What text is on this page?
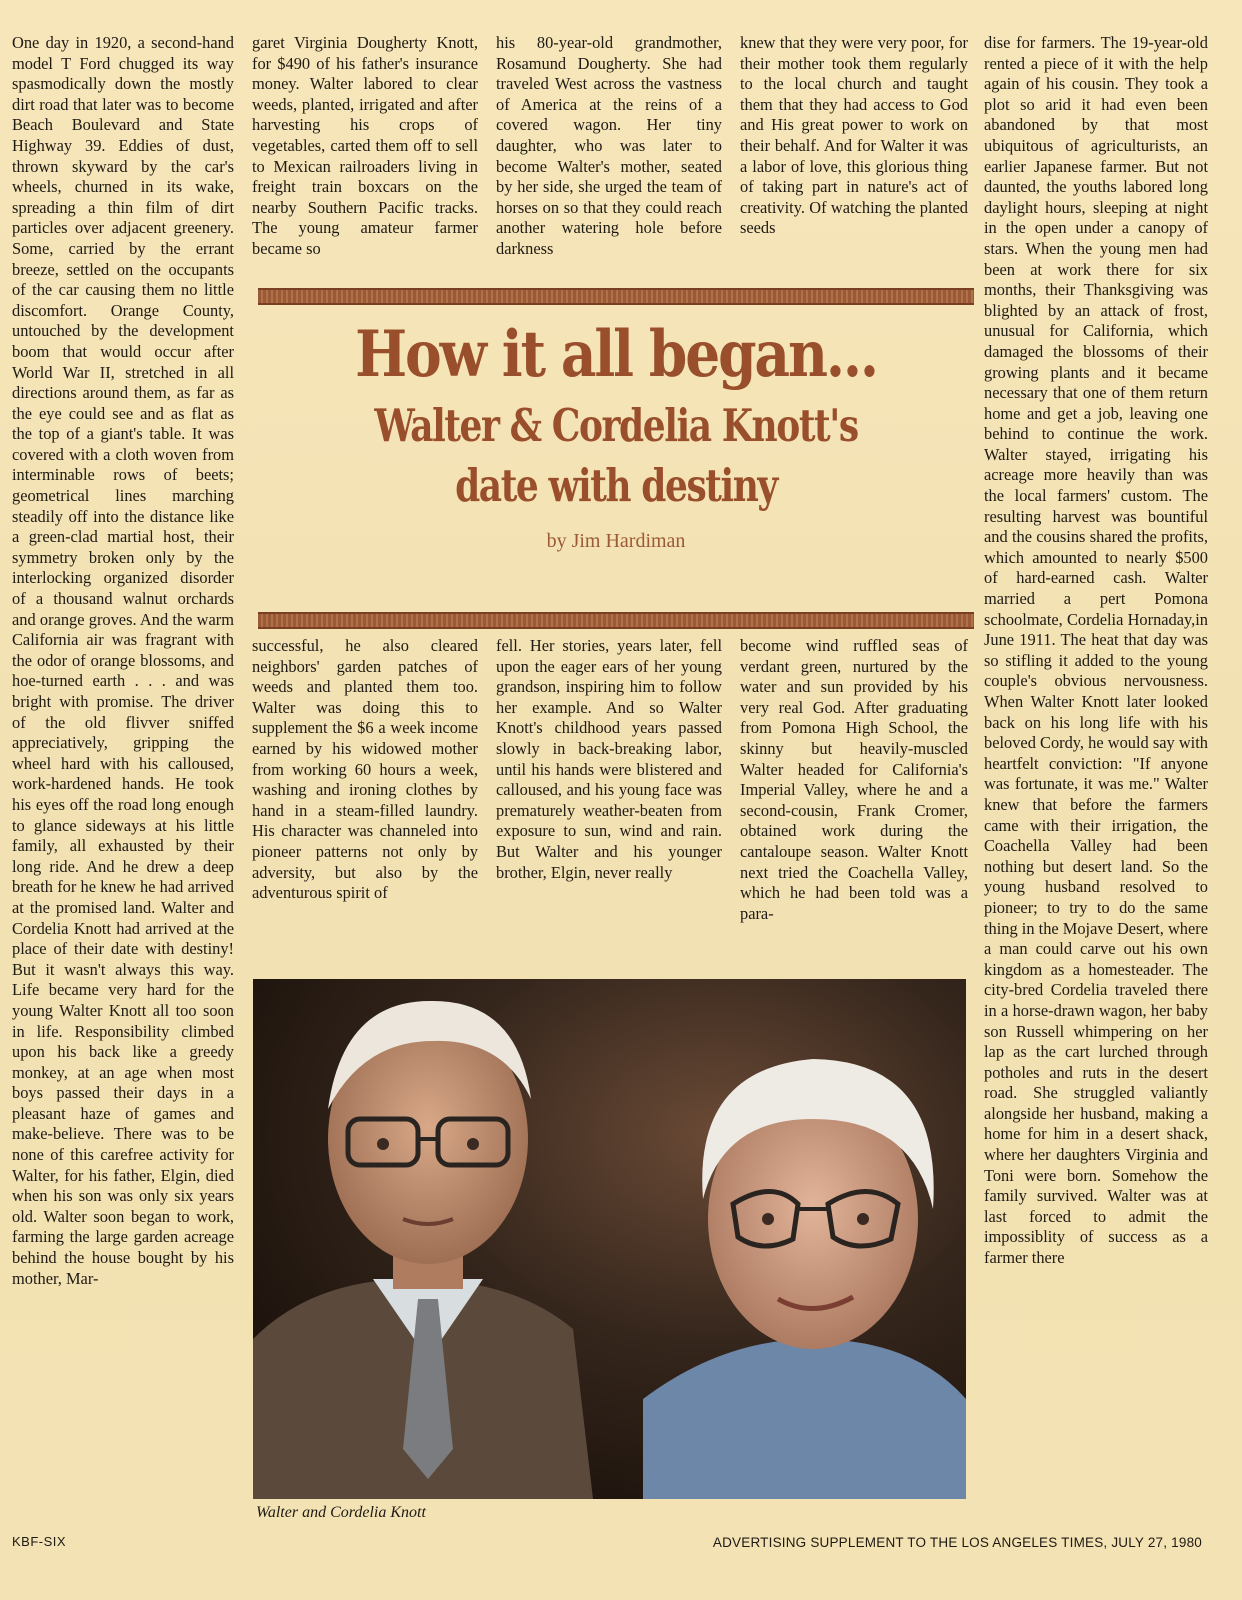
One day in 1920, a second-hand model T Ford chugged its way spasmodically down the mostly dirt road that later was to become Beach Boulevard and State Highway 39. Eddies of dust, thrown skyward by the car's wheels, churned in its wake, spreading a thin film of dirt particles over adjacent greenery. Some, carried by the errant breeze, settled on the occupants of the car causing them no little discomfort. Orange County, untouched by the development boom that would occur after World War II, stretched in all directions around them, as far as the eye could see and as flat as the top of a giant's table. It was covered with a cloth woven from interminable rows of beets; geometrical lines marching steadily off into the distance like a green-clad martial host, their symmetry broken only by the interlocking organized disorder of a thousand walnut orchards and orange groves. And the warm California air was fragrant with the odor of orange blossoms, and hoe-turned earth . . . and was bright with promise. The driver of the old flivver sniffed appreciatively, gripping the wheel hard with his calloused, work-hardened hands. He took his eyes off the road long enough to glance sideways at his little family, all exhausted by their long ride. And he drew a deep breath for he knew he had arrived at the promised land. Walter and Cordelia Knott had arrived at the place of their date with destiny! But it wasn't always this way. Life became very hard for the young Walter Knott all too soon in life. Responsibility climbed upon his back like a greedy monkey, at an age when most boys passed their days in a pleasant haze of games and make-believe. There was to be none of this carefree activity for Walter, for his father, Elgin, died when his son was only six years old. Walter soon began to work, farming the large garden acreage behind the house bought by his mother, Mar-

garet Virginia Dougherty Knott, for $490 of his father's insurance money. Walter labored to clear weeds, planted, irrigated and after harvesting his crops of vegetables, carted them off to sell to Mexican railroaders living in freight train boxcars on the nearby Southern Pacific tracks. The young amateur farmer became so

his 80-year-old grandmother, Rosamund Dougherty. She had traveled West across the vastness of America at the reins of a covered wagon. Her tiny daughter, who was later to become Walter's mother, seated by her side, she urged the team of horses on so that they could reach another watering hole before darkness

knew that they were very poor, for their mother took them regularly to the local church and taught them that they had access to God and His great power to work on their behalf. And for Walter it was a labor of love, this glorious thing of taking part in nature's act of creativity. Of watching the planted seeds

dise for farmers. The 19-year-old rented a piece of it with the help again of his cousin. They took a plot so arid it had even been abandoned by that most ubiquitous of agriculturists, an earlier Japanese farmer. But not daunted, the youths labored long daylight hours, sleeping at night in the open under a canopy of stars. When the young men had been at work there for six months, their Thanksgiving was blighted by an attack of frost, unusual for California, which damaged the blossoms of their growing plants and it became necessary that one of them return home and get a job, leaving one behind to continue the work. Walter stayed, irrigating his acreage more heavily than was the local farmers' custom. The resulting harvest was bountiful and the cousins shared the profits, which amounted to nearly $500 of hard-earned cash. Walter married a pert Pomona schoolmate, Cordelia Hornaday,in June 1911. The heat that day was so stifling it added to the young couple's obvious nervousness. When Walter Knott later looked back on his long life with his beloved Cordy, he would say with heartfelt conviction: "If anyone was fortunate, it was me." Walter knew that before the farmers came with their irrigation, the Coachella Valley had been nothing but desert land. So the young husband resolved to pioneer; to try to do the same thing in the Mojave Desert, where a man could carve out his own kingdom as a homesteader. The city-bred Cordelia traveled there in a horse-drawn wagon, her baby son Russell whimpering on her lap as the cart lurched through potholes and ruts in the desert road. She struggled valiantly alongside her husband, making a home for him in a desert shack, where her daughters Virginia and Toni were born. Somehow the family survived. Walter was at last forced to admit the impossiblity of success as a farmer there

How it all began...
Walter & Cordelia Knott's
date with destiny
by Jim Hardiman

successful, he also cleared neighbors' garden patches of weeds and planted them too. Walter was doing this to supplement the $6 a week income earned by his widowed mother from working 60 hours a week, washing and ironing clothes by hand in a steam-filled laundry. His character was channeled into pioneer patterns not only by adversity, but also by the adventurous spirit of

fell. Her stories, years later, fell upon the eager ears of her young grandson, inspiring him to follow her example. And so Walter Knott's childhood years passed slowly in back-breaking labor, until his hands were blistered and calloused, and his young face was prematurely weather-beaten from exposure to sun, wind and rain. But Walter and his younger brother, Elgin, never really

become wind ruffled seas of verdant green, nurtured by the water and sun provided by his very real God. After graduating from Pomona High School, the skinny but heavily-muscled Walter headed for California's Imperial Valley, where he and a second-cousin, Frank Cromer, obtained work during the cantaloupe season. Walter Knott next tried the Coachella Valley, which he had been told was a para-

Walter and Cordelia Knott
KBF-SIX	ADVERTISING SUPPLEMENT TO THE LOS ANGELES TIMES, JULY 27, 1980
